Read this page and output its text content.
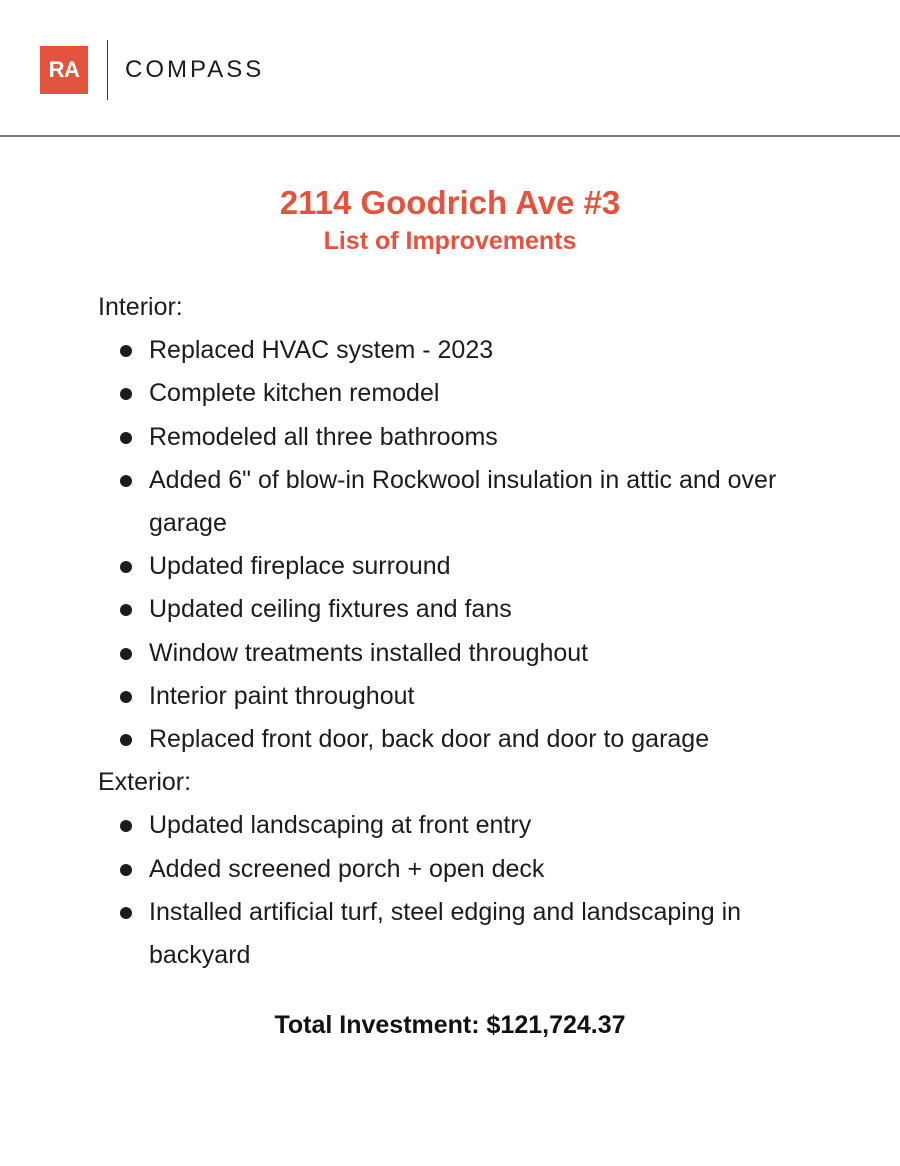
RA	COMPASS
2114 Goodrich Ave #3
List of Improvements
Interior:
Replaced HVAC system - 2023
Complete kitchen remodel
Remodeled all three bathrooms
Added 6" of blow-in Rockwool insulation in attic and over garage
Updated fireplace surround
Updated ceiling fixtures and fans
Window treatments installed throughout
Interior paint throughout
Replaced front door, back door and door to garage
Exterior:
Updated landscaping at front entry
Added screened porch + open deck
Installed artificial turf, steel edging and landscaping in backyard
Total Investment: $121,724.37
